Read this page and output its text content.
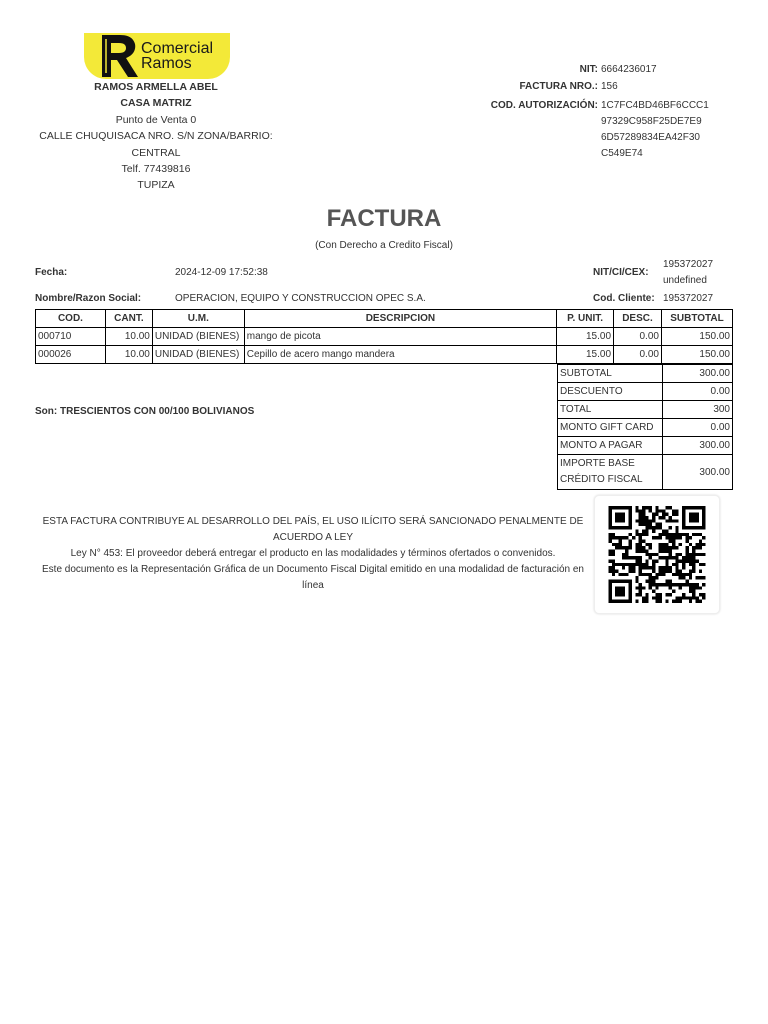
Comercial
Ramos
RAMOS ARMELLA ABEL
CASA MATRIZ
Punto de Venta 0
CALLE CHUQUISACA NRO. S/N ZONA/BARRIO:
CENTRAL
Telf. 77439816
TUPIZA
NIT: 6664236017
FACTURA NRO.: 156
COD. AUTORIZACIÓN: 1C7FC4BD46BF6CCC1
97329C958F25DE7E9
6D57289834EA42F30
C549E74
FACTURA
(Con Derecho a Credito Fiscal)
Fecha:	2024-12-09 17:52:38
Nombre/Razon Social:	OPERACION, EQUIPO Y CONSTRUCCION OPEC S.A.
NIT/CI/CEX:
195372027
undefined
Cod. Cliente: 195372027
COD.	CANT.	U.M.	DESCRIPCION	P. UNIT.	DESC.	SUBTOTAL
000710	10.00	UNIDAD (BIENES)	mango de picota	15.00	0.00	150.00
000026	10.00	UNIDAD (BIENES)	Cepillo de acero mango mandera	15.00	0.00	150.00
SUBTOTAL	300.00
DESCUENTO	0.00
TOTAL	300
MONTO GIFT CARD	0.00
MONTO A PAGAR	300.00
IMPORTE BASE CRÉDITO FISCAL	300.00
Son: TRESCIENTOS CON 00/100 BOLIVIANOS
ESTA FACTURA CONTRIBUYE AL DESARROLLO DEL PAÍS, EL USO ILÍCITO SERÁ SANCIONADO PENALMENTE DE ACUERDO A LEY
Ley N° 453: El proveedor deberá entregar el producto en las modalidades y términos ofertados o convenidos.
Este documento es la Representación Gráfica de un Documento Fiscal Digital emitido en una modalidad de facturación en línea
